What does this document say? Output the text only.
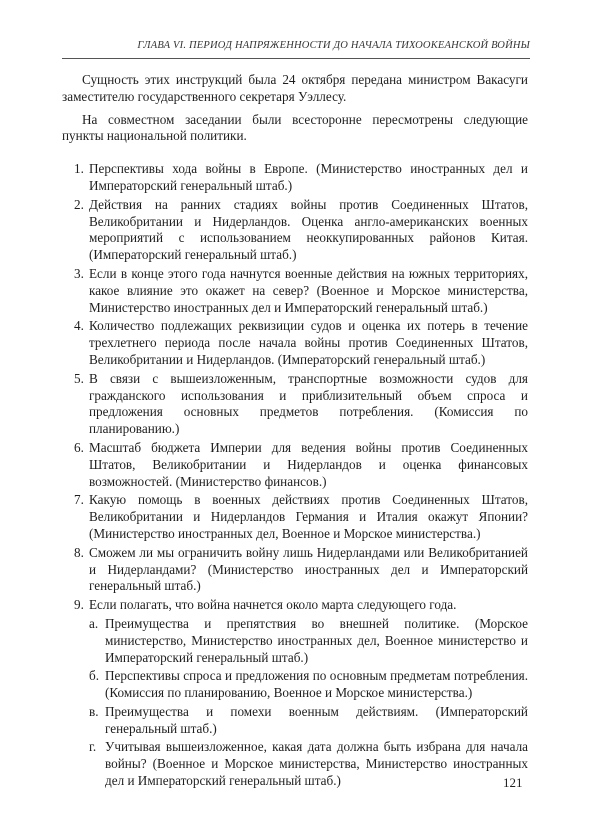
ГЛАВА VI. ПЕРИОД НАПРЯЖЕННОСТИ ДО НАЧАЛА ТИХООКЕАНСКОЙ ВОЙНЫ

Сущность этих инструкций была 24 октября передана министром Вакасуги заместителю государственного секретаря Уэллесу.

На совместном заседании были всесторонне пересмотрены следующие пункты национальной политики.

1. Перспективы хода войны в Европе. (Министерство иностранных дел и Императорский генеральный штаб.)
2. Действия на ранних стадиях войны против Соединенных Штатов, Великобритании и Нидерландов. Оценка англо-американских военных мероприятий с использованием неоккупированных районов Китая. (Императорский генеральный штаб.)
3. Если в конце этого года начнутся военные действия на южных территориях, какое влияние это окажет на север? (Военное и Морское министерства, Министерство иностранных дел и Императорский генеральный штаб.)
4. Количество подлежащих реквизиции судов и оценка их потерь в течение трехлетнего периода после начала войны против Соединенных Штатов, Великобритании и Нидерландов. (Императорский генеральный штаб.)
5. В связи с вышеизложенным, транспортные возможности судов для гражданского использования и приблизительный объем спроса и предложения основных предметов потребления. (Комиссия по планированию.)
6. Масштаб бюджета Империи для ведения войны против Соединенных Штатов, Великобритании и Нидерландов и оценка финансовых возможностей. (Министерство финансов.)
7. Какую помощь в военных действиях против Соединенных Штатов, Великобритании и Нидерландов Германия и Италия окажут Японии? (Министерство иностранных дел, Военное и Морское министерства.)
8. Сможем ли мы ограничить войну лишь Нидерландами или Великобританией и Нидерландами? (Министерство иностранных дел и Императорский генеральный штаб.)
9. Если полагать, что война начнется около марта следующего года.
а. Преимущества и препятствия во внешней политике. (Морское министерство, Министерство иностранных дел, Военное министерство и Императорский генеральный штаб.)
б. Перспективы спроса и предложения по основным предметам потребления. (Комиссия по планированию, Военное и Морское министерства.)
в. Преимущества и помехи военным действиям. (Императорский генеральный штаб.)
г. Учитывая вышеизложенное, какая дата должна быть избрана для начала войны? (Военное и Морское министерства, Министерство иностранных дел и Императорский генеральный штаб.)	121
